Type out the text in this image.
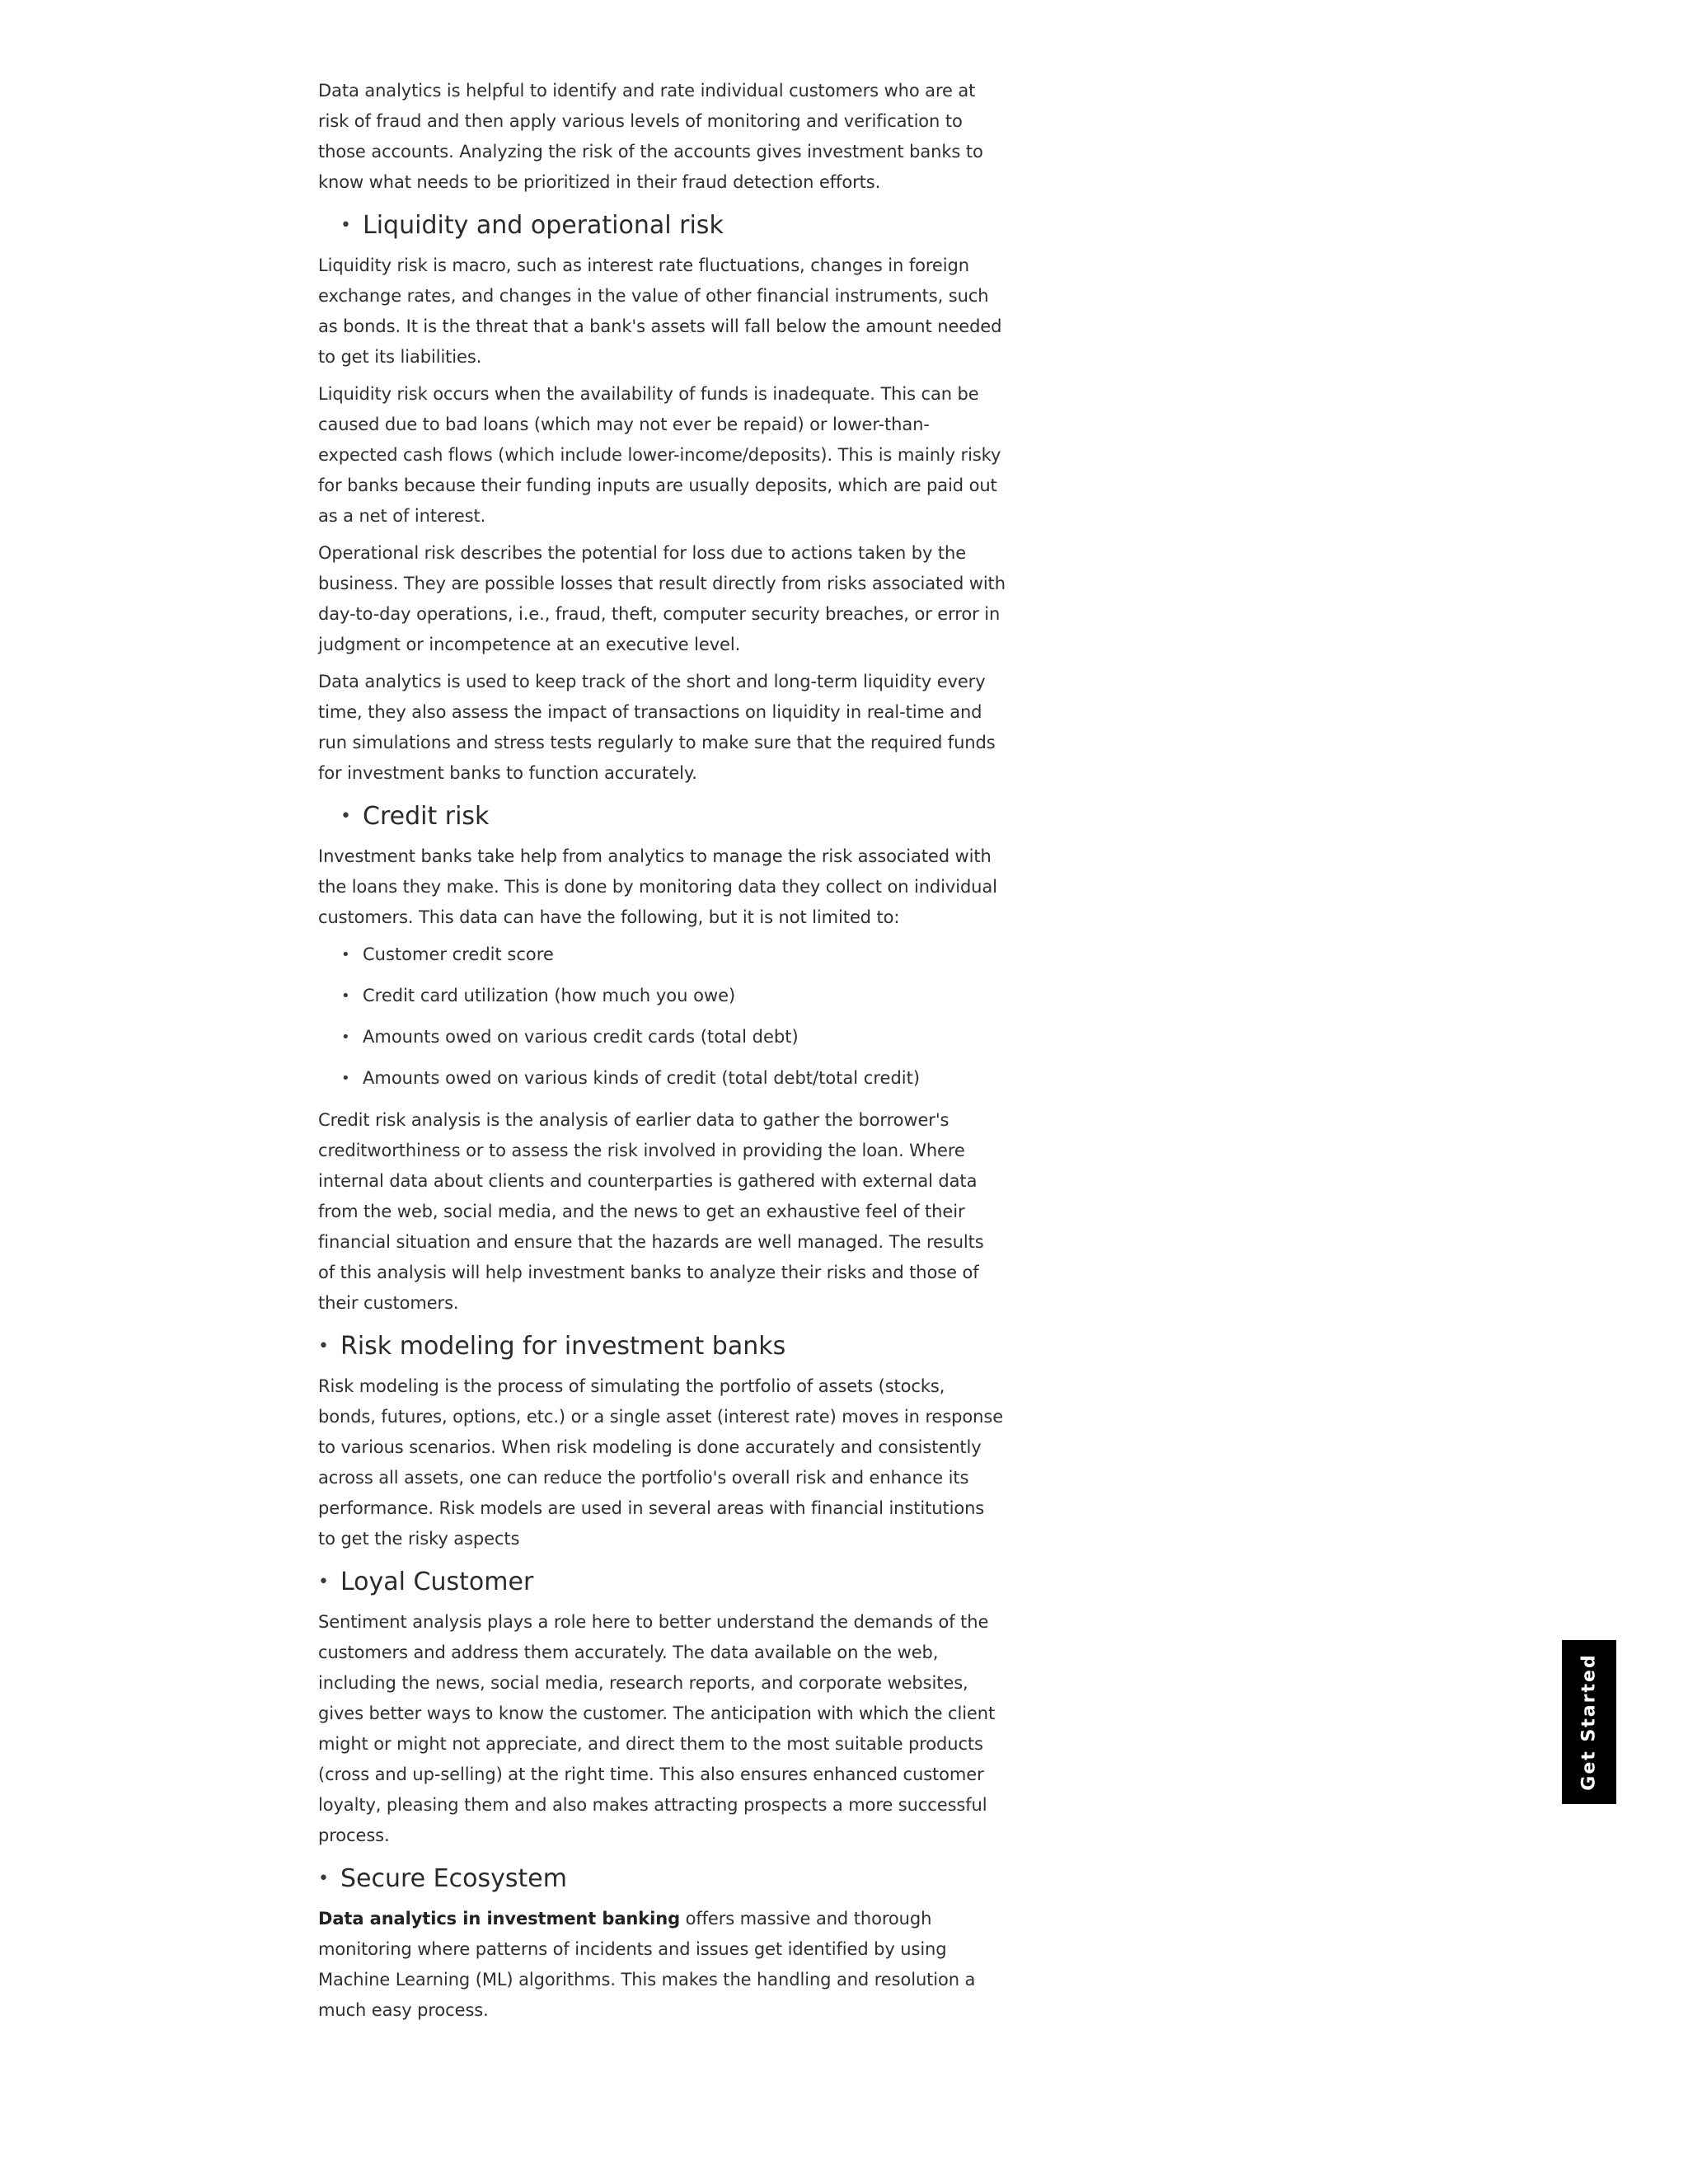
Data analytics is helpful to identify and rate individual customers who are at risk of fraud and then apply various levels of monitoring and verification to those accounts. Analyzing the risk of the accounts gives investment banks to know what needs to be prioritized in their fraud detection efforts.

• Liquidity and operational risk

Liquidity risk is macro, such as interest rate fluctuations, changes in foreign exchange rates, and changes in the value of other financial instruments, such as bonds. It is the threat that a bank's assets will fall below the amount needed to get its liabilities.

Liquidity risk occurs when the availability of funds is inadequate. This can be caused due to bad loans (which may not ever be repaid) or lower-than-expected cash flows (which include lower-income/deposits). This is mainly risky for banks because their funding inputs are usually deposits, which are paid out as a net of interest.

Operational risk describes the potential for loss due to actions taken by the business. They are possible losses that result directly from risks associated with day-to-day operations, i.e., fraud, theft, computer security breaches, or error in judgment or incompetence at an executive level.

Data analytics is used to keep track of the short and long-term liquidity every time, they also assess the impact of transactions on liquidity in real-time and run simulations and stress tests regularly to make sure that the required funds for investment banks to function accurately.

• Credit risk

Investment banks take help from analytics to manage the risk associated with the loans they make. This is done by monitoring data they collect on individual customers. This data can have the following, but it is not limited to:

• Customer credit score
• Credit card utilization (how much you owe)
• Amounts owed on various credit cards (total debt)
• Amounts owed on various kinds of credit (total debt/total credit)

Credit risk analysis is the analysis of earlier data to gather the borrower's creditworthiness or to assess the risk involved in providing the loan. Where internal data about clients and counterparties is gathered with external data from the web, social media, and the news to get an exhaustive feel of their financial situation and ensure that the hazards are well managed. The results of this analysis will help investment banks to analyze their risks and those of their customers.

• Risk modeling for investment banks

Risk modeling is the process of simulating the portfolio of assets (stocks, bonds, futures, options, etc.) or a single asset (interest rate) moves in response to various scenarios. When risk modeling is done accurately and consistently across all assets, one can reduce the portfolio's overall risk and enhance its performance. Risk models are used in several areas with financial institutions to get the risky aspects

• Loyal Customer

Sentiment analysis plays a role here to better understand the demands of the customers and address them accurately. The data available on the web, including the news, social media, research reports, and corporate websites, gives better ways to know the customer. The anticipation with which the client might or might not appreciate, and direct them to the most suitable products (cross and up-selling) at the right time. This also ensures enhanced customer loyalty, pleasing them and also makes attracting prospects a more successful process.

• Secure Ecosystem

Data analytics in investment banking offers massive and thorough monitoring where patterns of incidents and issues get identified by using Machine Learning (ML) algorithms. This makes the handling and resolution a much easy process.

Get Started
